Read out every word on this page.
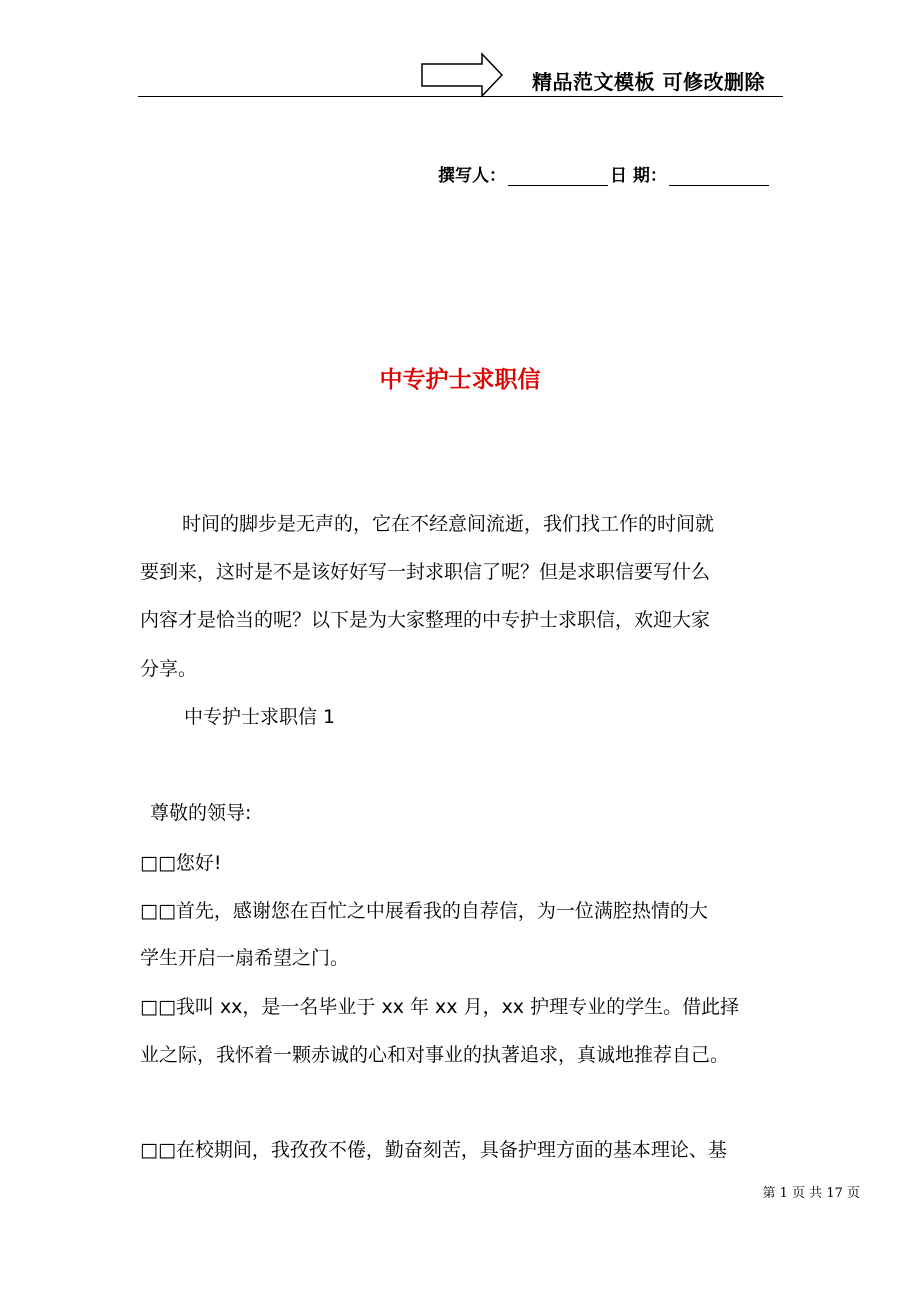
精品范文模板 可修改删除
撰写人：	日 期：
中专护士求职信
时间的脚步是无声的，它在不经意间流逝，我们找工作的时间就
要到来，这时是不是该好好写一封求职信了呢？但是求职信要写什么
内容才是恰当的呢？以下是为大家整理的中专护士求职信，欢迎大家
分享。
中专护士求职信 1
尊敬的领导:
□□您好!
□□首先，感谢您在百忙之中展看我的自荐信，为一位满腔热情的大
学生开启一扇希望之门。
□□我叫 xx，是一名毕业于 xx 年 xx 月，xx 护理专业的学生。借此择
业之际，我怀着一颗赤诚的心和对事业的执著追求，真诚地推荐自己。
□□在校期间，我孜孜不倦，勤奋刻苦，具备护理方面的基本理论、基
第 1 页 共 17 页
